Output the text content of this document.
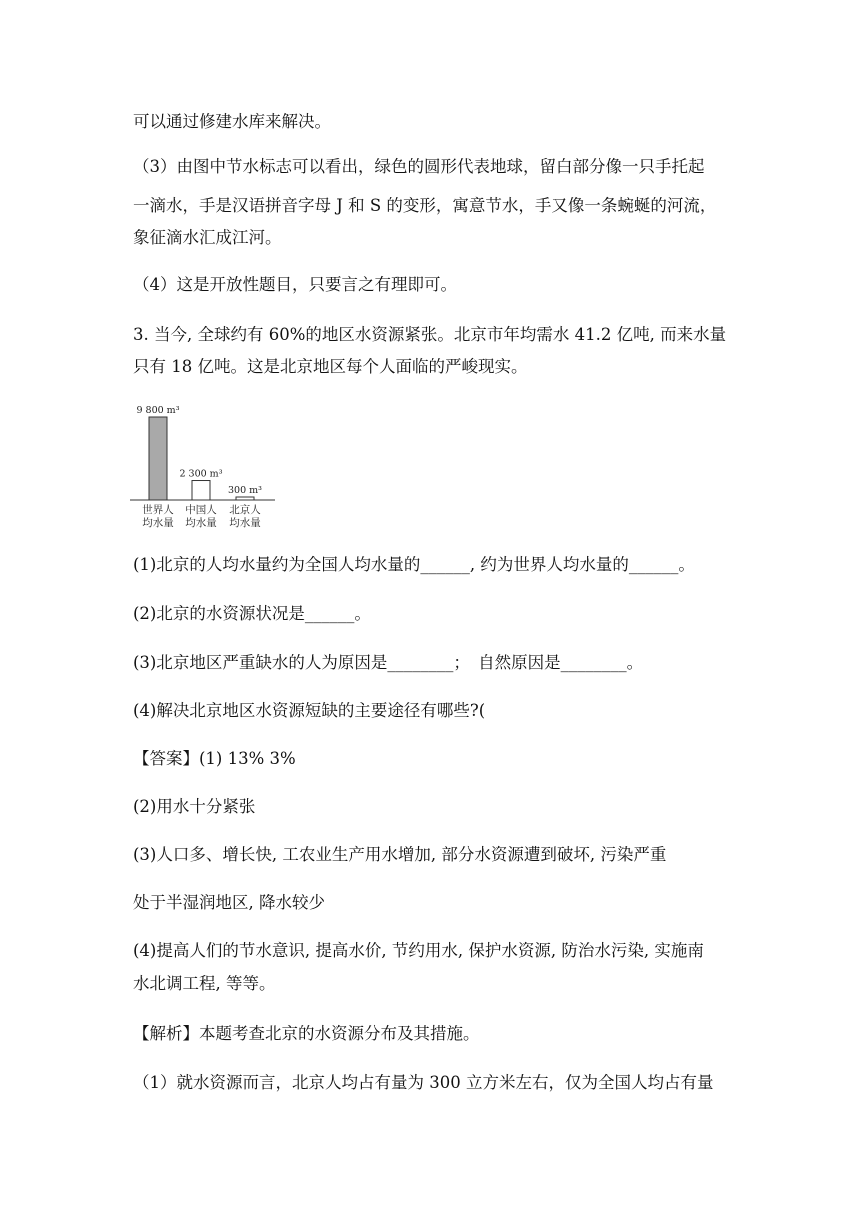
可以通过修建水库来解决。
（3）由图中节水标志可以看出，绿色的圆形代表地球，留白部分像一只手托起
一滴水，手是汉语拼音字母 J 和 S 的变形，寓意节水，手又像一条蜿蜒的河流，
象征滴水汇成江河。
（4）这是开放性题目，只要言之有理即可。
3. 当今, 全球约有 60%的地区水资源紧张。北京市年均需水 41.2 亿吨, 而来水量
只有 18 亿吨。这是北京地区每个人面临的严峻现实。
9 800 m³
世界人
均水量
2 300 m³
中国人
均水量
300 m³
北京人
均水量
(1)北京的人均水量约为全国人均水量的______, 约为世界人均水量的______。
(2)北京的水资源状况是______。
(3)北京地区严重缺水的人为原因是________；　自然原因是________。
(4)解决北京地区水资源短缺的主要途径有哪些?(
【答案】(1) 13% 3%
(2)用水十分紧张
(3)人口多、增长快, 工农业生产用水增加, 部分水资源遭到破坏, 污染严重
处于半湿润地区, 降水较少
(4)提高人们的节水意识, 提高水价, 节约用水, 保护水资源, 防治水污染, 实施南
水北调工程, 等等。
【解析】本题考查北京的水资源分布及其措施。
（1）就水资源而言，北京人均占有量为 300 立方米左右，仅为全国人均占有量
